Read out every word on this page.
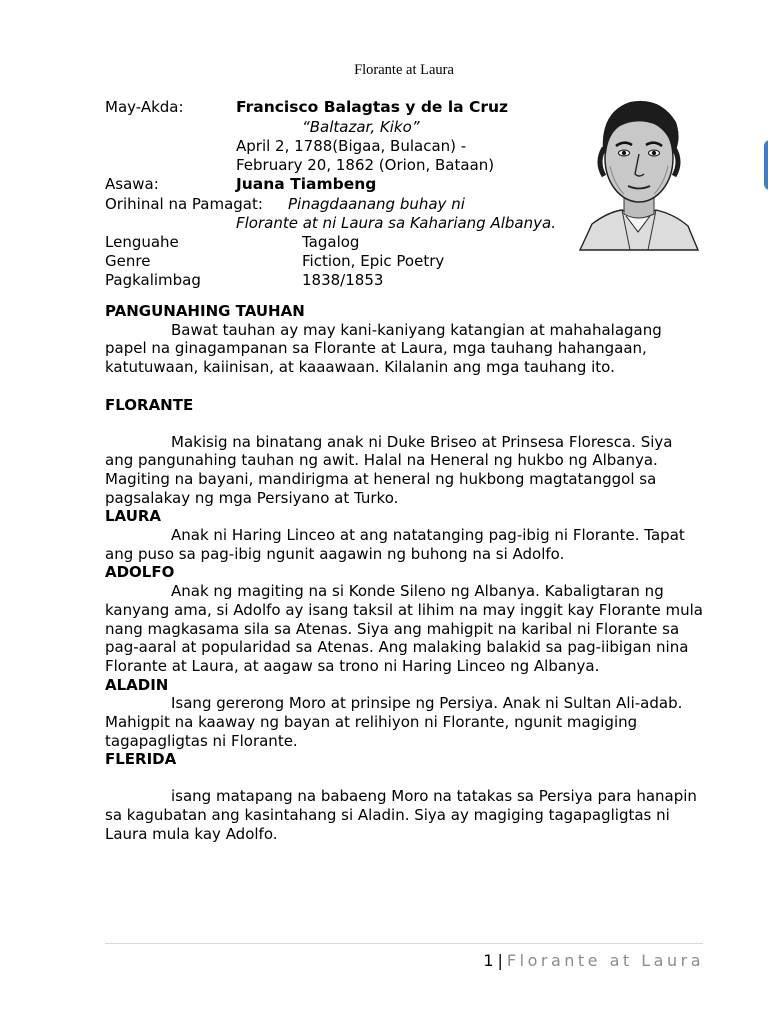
Florante at Laura
May-Akda:	Francisco Balagtas y de la Cruz
“Baltazar, Kiko”
April 2, 1788(Bigaa, Bulacan) -
February 20, 1862 (Orion, Bataan)
Asawa:	Juana Tiambeng
Orihinal na Pamagat: Pinagdaanang buhay ni
Florante at ni Laura sa Kahariang Albanya.
Lenguahe	Tagalog
Genre	Fiction, Epic Poetry
Pagkalimbag	1838/1853

PANGUNAHING TAUHAN

Bawat tauhan ay may kani-kaniyang katangian at mahahalagang papel na ginagampanan sa Florante at Laura, mga tauhang hahangaan, katutuwaan, kaiinisan, at kaaawaan. Kilalanin ang mga tauhang ito.

FLORANTE

Makisig na binatang anak ni Duke Briseo at Prinsesa Floresca. Siya ang pangunahing tauhan ng awit. Halal na Heneral ng hukbo ng Albanya. Magiting na bayani, mandirigma at heneral ng hukbong magtatanggol sa pagsalakay ng mga Persiyano at Turko.

LAURA

Anak ni Haring Linceo at ang natatanging pag-ibig ni Florante. Tapat ang puso sa pag-ibig ngunit aagawin ng buhong na si Adolfo.

ADOLFO

Anak ng magiting na si Konde Sileno ng Albanya. Kabaligtaran ng kanyang ama, si Adolfo ay isang taksil at lihim na may inggit kay Florante mula nang magkasama sila sa Atenas. Siya ang mahigpit na karibal ni Florante sa pag-aaral at popularidad sa Atenas. Ang malaking balakid sa pag-iibigan nina Florante at Laura, at aagaw sa trono ni Haring Linceo ng Albanya.

ALADIN

Isang gererong Moro at prinsipe ng Persiya. Anak ni Sultan Ali-adab. Mahigpit na kaaway ng bayan at relihiyon ni Florante, ngunit magiging tagapagligtas ni Florante.

FLERIDA

isang matapang na babaeng Moro na tatakas sa Persiya para hanapin sa kagubatan ang kasintahang si Aladin. Siya ay magiging tagapagligtas ni Laura mula kay Adolfo.

1 | Florante at Laura
